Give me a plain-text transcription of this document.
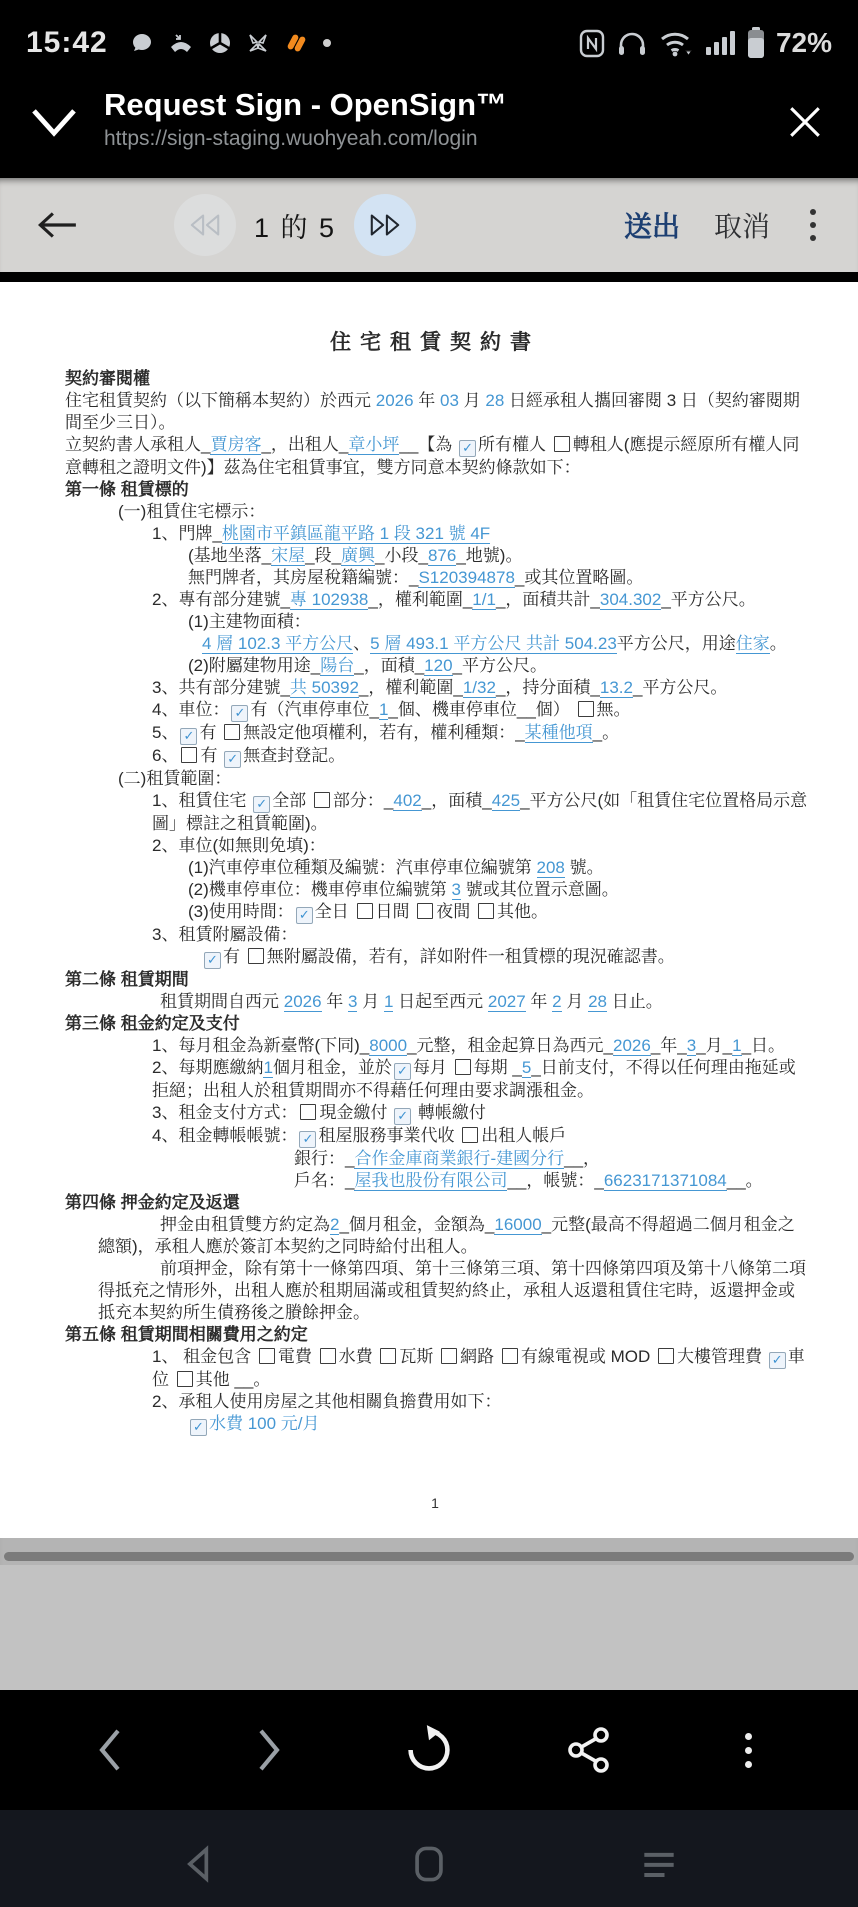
15:42	72%
Request Sign - OpenSign™
https://sign-staging.wuohyeah.com/login
1 的 5	送出 取消
住宅租賃契約書
契約審閱權
住宅租賃契約（以下簡稱本契約）於西元 2026 年 03 月 28 日經承租人攜回審閱 3 日（契約審閱期間至少三日）。
立契約書人承租人_賈房客_，出租人_章小坪__【為 ✓ 所有權人 轉租人(應提示經原所有權人同意轉租之證明文件)】茲為住宅租賃事宜，雙方同意本契約條款如下：
第一條 租賃標的
(一)租賃住宅標示：
1、門牌_桃園市平鎮區龍平路 1 段 321 號 4F
(基地坐落_宋屋_段_廣興_小段_876_地號)。
無門牌者，其房屋稅籍編號：_S120394878_或其位置略圖。
2、專有部分建號_專 102938_，權利範圍_1/1_，面積共計_304.302_平方公尺。
(1)主建物面積：
4 層 102.3 平方公尺、5 層 493.1 平方公尺 共計 504.23平方公尺，用途住家。
(2)附屬建物用途_陽台_，面積_120_平方公尺。
3、共有部分建號_共 50392_，權利範圍_1/32_，持分面積_13.2_平方公尺。
4、車位： ✓ 有（汽車停車位_1_個、機車停車位__個） 無。
5、 ✓ 有 無設定他項權利，若有，權利種類：_某種他項_。
6、 有 ✓ 無查封登記。
(二)租賃範圍：
1、租賃住宅 ✓ 全部 部分：_402_，面積_425_平方公尺(如「租賃住宅位置格局示意圖」標註之租賃範圍)。
2、車位(如無則免填)：
(1)汽車停車位種類及編號：汽車停車位編號第 208 號。
(2)機車停車位：機車停車位編號第 3 號或其位置示意圖。
(3)使用時間： ✓ 全日 日間 夜間 其他。
3、租賃附屬設備：
✓ 有 無附屬設備，若有，詳如附件一租賃標的現況確認書。
第二條 租賃期間
租賃期間自西元 2026 年 3 月 1 日起至西元 2027 年 2 月 28 日止。
第三條 租金約定及支付
1、每月租金為新臺幣(下同)_8000_元整，租金起算日為西元_2026_年_3_月_1_日。
2、每期應繳納1個月租金，並於 ✓ 每月 每期 _5_日前支付，不得以任何理由拖延或拒絕；出租人於租賃期間亦不得藉任何理由要求調漲租金。
3、租金支付方式： 現金繳付 ✓ 轉帳繳付
4、租金轉帳帳號： ✓ 租屋服務事業代收 出租人帳戶
銀行：_合作金庫商業銀行-建國分行__，
戶名：_屋我也股份有限公司__，帳號：_6623171371084__。
第四條 押金約定及返還
押金由租賃雙方約定為2_個月租金，金額為_16000_元整(最高不得超過二個月租金之總額)，承租人應於簽訂本契約之同時給付出租人。
前項押金，除有第十一條第四項、第十三條第三項、第十四條第四項及第十八條第二項得抵充之情形外，出租人應於租期屆滿或租賃契約終止，承租人返還租賃住宅時，返還押金或抵充本契約所生債務後之賸餘押金。
第五條 租賃期間相關費用之約定
1、 租金包含 電費 水費 瓦斯 網路 有線電視或 MOD 大樓管理費 ✓ 車位 其他 __。
2、承租人使用房屋之其他相關負擔費用如下：
✓ 水費 100 元/月
1
